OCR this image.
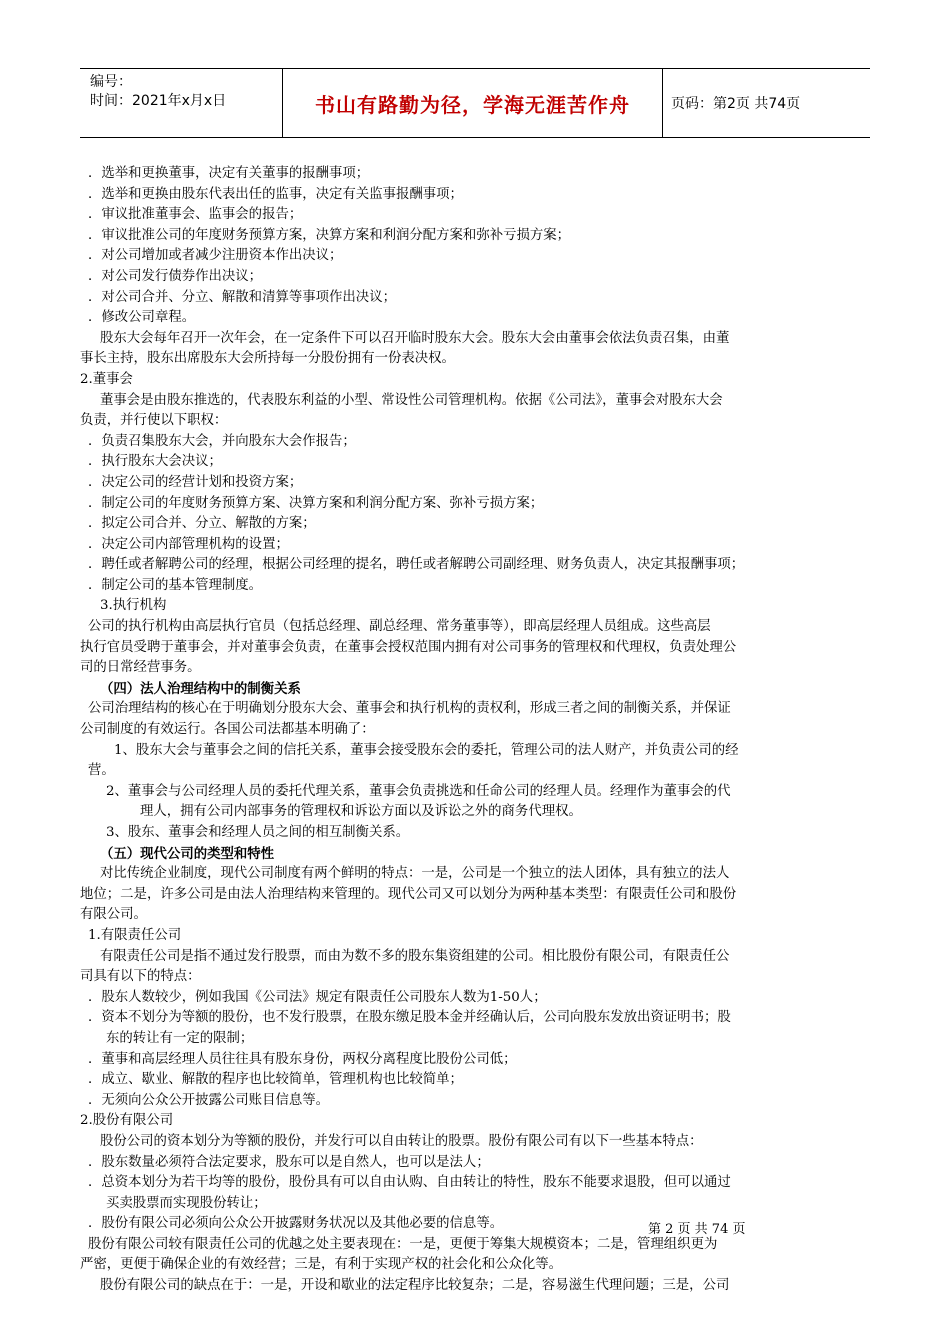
编号：
时间：2021年x月x日	书山有路勤为径，学海无涯苦作舟	页码：第2页 共74页

．选举和更换董事，决定有关董事的报酬事项；

．选举和更换由股东代表出任的监事，决定有关监事报酬事项；

．审议批准董事会、监事会的报告；

．审议批准公司的年度财务预算方案，决算方案和利润分配方案和弥补亏损方案；

．对公司增加或者减少注册资本作出决议；

．对公司发行债券作出决议；

．对公司合并、分立、解散和清算等事项作出决议；

．修改公司章程。

股东大会每年召开一次年会，在一定条件下可以召开临时股东大会。股东大会由董事会依法负责召集，由董

事长主持，股东出席股东大会所持每一分股份拥有一份表决权。

2.董事会

董事会是由股东推选的，代表股东利益的小型、常设性公司管理机构。依据《公司法》，董事会对股东大会

负责，并行使以下职权：

．负责召集股东大会，并向股东大会作报告；

．执行股东大会决议；

．决定公司的经营计划和投资方案；

．制定公司的年度财务预算方案、决算方案和利润分配方案、弥补亏损方案；

．拟定公司合并、分立、解散的方案；

．决定公司内部管理机构的设置；

．聘任或者解聘公司的经理，根据公司经理的提名，聘任或者解聘公司副经理、财务负责人，决定其报酬事项；

．制定公司的基本管理制度。

3.执行机构

公司的执行机构由高层执行官员（包括总经理、副总经理、常务董事等），即高层经理人员组成。这些高层

执行官员受聘于董事会，并对董事会负责，在董事会授权范围内拥有对公司事务的管理权和代理权，负责处理公

司的日常经营事务。

（四）法人治理结构中的制衡关系

公司治理结构的核心在于明确划分股东大会、董事会和执行机构的责权利，形成三者之间的制衡关系，并保证

公司制度的有效运行。各国公司法都基本明确了：

1、股东大会与董事会之间的信托关系，董事会接受股东会的委托，管理公司的法人财产，并负责公司的经

营。

2、董事会与公司经理人员的委托代理关系，董事会负责挑选和任命公司的经理人员。经理作为董事会的代

理人，拥有公司内部事务的管理权和诉讼方面以及诉讼之外的商务代理权。

3、股东、董事会和经理人员之间的相互制衡关系。

（五）现代公司的类型和特性

对比传统企业制度，现代公司制度有两个鲜明的特点：一是，公司是一个独立的法人团体，具有独立的法人

地位；二是，许多公司是由法人治理结构来管理的。现代公司又可以划分为两种基本类型：有限责任公司和股份

有限公司。

1.有限责任公司

有限责任公司是指不通过发行股票，而由为数不多的股东集资组建的公司。相比股份有限公司，有限责任公

司具有以下的特点：

．股东人数较少，例如我国《公司法》规定有限责任公司股东人数为1-50人；

．资本不划分为等额的股份，也不发行股票，在股东缴足股本金并经确认后，公司向股东发放出资证明书；股

东的转让有一定的限制；

．董事和高层经理人员往往具有股东身份，两权分离程度比股份公司低；

．成立、歇业、解散的程序也比较简单，管理机构也比较简单；

．无须向公众公开披露公司账目信息等。

2.股份有限公司

股份公司的资本划分为等额的股份，并发行可以自由转让的股票。股份有限公司有以下一些基本特点：

．股东数量必须符合法定要求，股东可以是自然人，也可以是法人；

．总资本划分为若干均等的股份，股份具有可以自由认购、自由转让的特性，股东不能要求退股，但可以通过

买卖股票而实现股份转让；

．股份有限公司必须向公众公开披露财务状况以及其他必要的信息等。

股份有限公司较有限责任公司的优越之处主要表现在：一是，更便于筹集大规模资本；二是，管理组织更为

严密，更便于确保企业的有效经营；三是，有利于实现产权的社会化和公众化等。

股份有限公司的缺点在于：一是，开设和歇业的法定程序比较复杂；二是，容易滋生代理问题；三是，公司

第 2 页 共 74 页
